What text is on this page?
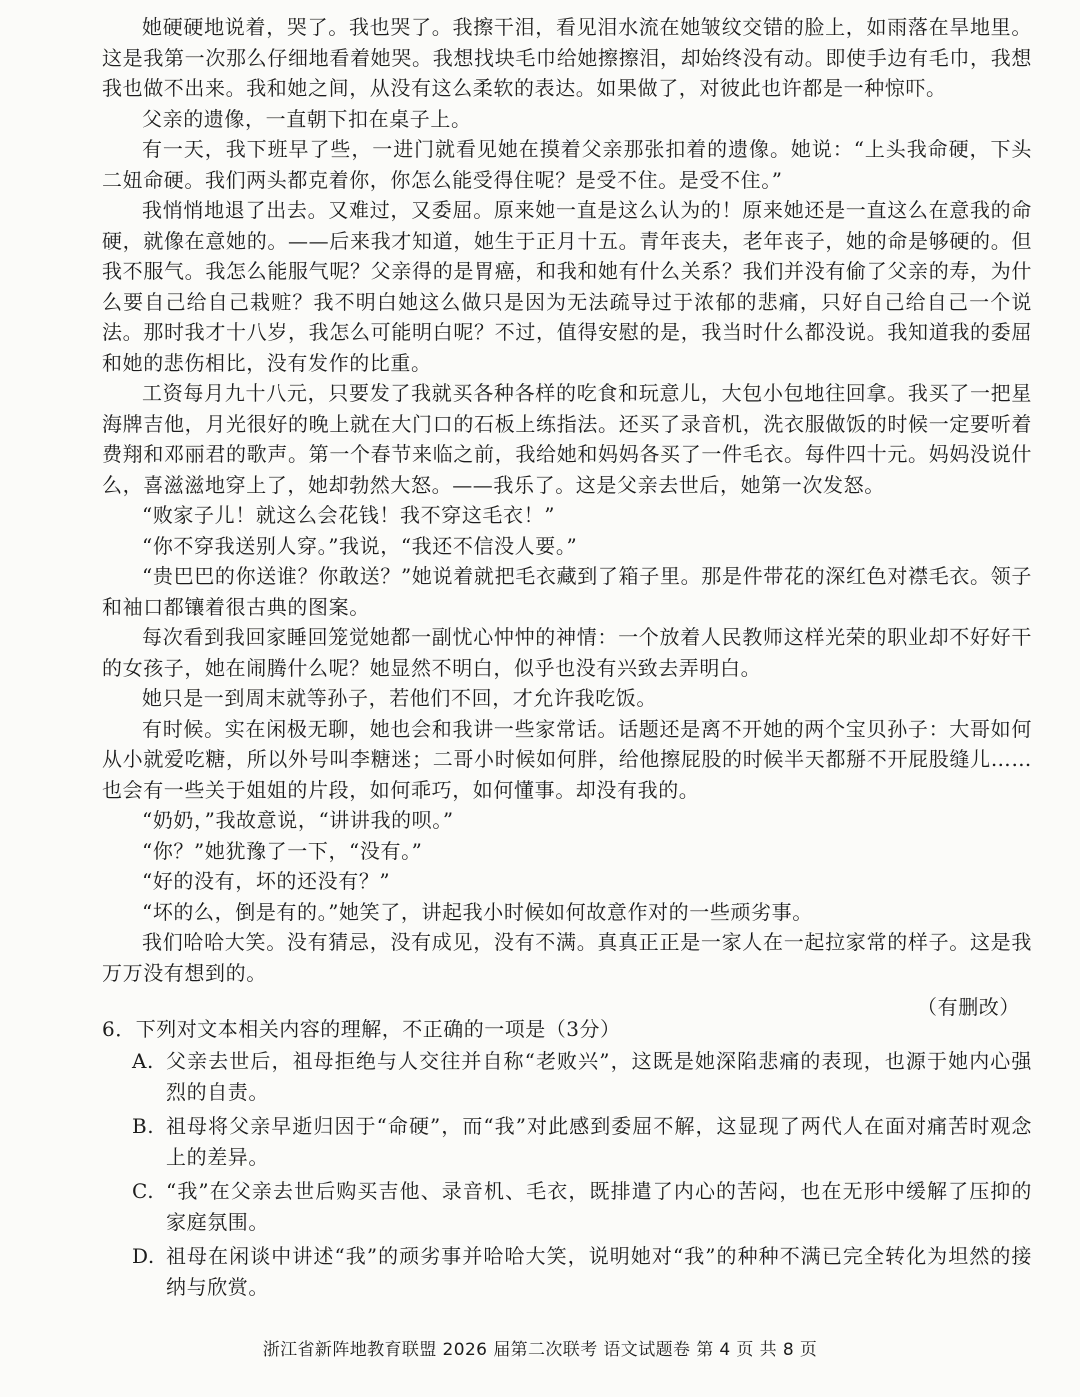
她硬硬地说着，哭了。我也哭了。我擦干泪，看见泪水流在她皱纹交错的脸上，如雨落在旱地里。这是我第一次那么仔细地看着她哭。我想找块毛巾给她擦擦泪，却始终没有动。即使手边有毛巾，我想我也做不出来。我和她之间，从没有这么柔软的表达。如果做了，对彼此也许都是一种惊吓。

父亲的遗像，一直朝下扣在桌子上。

有一天，我下班早了些，一进门就看见她在摸着父亲那张扣着的遗像。她说：“上头我命硬，下头二妞命硬。我们两头都克着你，你怎么能受得住呢？是受不住。是受不住。”

我悄悄地退了出去。又难过，又委屈。原来她一直是这么认为的！原来她还是一直这么在意我的命硬，就像在意她的。——后来我才知道，她生于正月十五。青年丧夫，老年丧子，她的命是够硬的。但我不服气。我怎么能服气呢？父亲得的是胃癌，和我和她有什么关系？我们并没有偷了父亲的寿，为什么要自己给自己栽赃？我不明白她这么做只是因为无法疏导过于浓郁的悲痛，只好自己给自己一个说法。那时我才十八岁，我怎么可能明白呢？不过，值得安慰的是，我当时什么都没说。我知道我的委屈和她的悲伤相比，没有发作的比重。

工资每月九十八元，只要发了我就买各种各样的吃食和玩意儿，大包小包地往回拿。我买了一把星海牌吉他，月光很好的晚上就在大门口的石板上练指法。还买了录音机，洗衣服做饭的时候一定要听着费翔和邓丽君的歌声。第一个春节来临之前，我给她和妈妈各买了一件毛衣。每件四十元。妈妈没说什么，喜滋滋地穿上了，她却勃然大怒。——我乐了。这是父亲去世后，她第一次发怒。

“败家子儿！就这么会花钱！我不穿这毛衣！”

“你不穿我送别人穿。”我说，“我还不信没人要。”

“贵巴巴的你送谁？你敢送？”她说着就把毛衣藏到了箱子里。那是件带花的深红色对襟毛衣。领子和袖口都镶着很古典的图案。

每次看到我回家睡回笼觉她都一副忧心忡忡的神情：一个放着人民教师这样光荣的职业却不好好干的女孩子，她在闹腾什么呢？她显然不明白，似乎也没有兴致去弄明白。

她只是一到周末就等孙子，若他们不回，才允许我吃饭。

有时候。实在闲极无聊，她也会和我讲一些家常话。话题还是离不开她的两个宝贝孙子：大哥如何从小就爱吃糖，所以外号叫李糖迷；二哥小时候如何胖，给他擦屁股的时候半天都掰不开屁股缝儿……也会有一些关于姐姐的片段，如何乖巧，如何懂事。却没有我的。

“奶奶，”我故意说，“讲讲我的呗。”

“你？”她犹豫了一下，“没有。”

“好的没有，坏的还没有？”

“坏的么，倒是有的。”她笑了，讲起我小时候如何故意作对的一些顽劣事。

我们哈哈大笑。没有猜忌，没有成见，没有不满。真真正正是一家人在一起拉家常的样子。这是我万万没有想到的。

（有删改）
6．下列对文本相关内容的理解，不正确的一项是（3分）
A. 父亲去世后，祖母拒绝与人交往并自称“老败兴”，这既是她深陷悲痛的表现，也源于她内心强烈的自责。
B. 祖母将父亲早逝归因于“命硬”，而“我”对此感到委屈不解，这显现了两代人在面对痛苦时观念上的差异。
C. “我”在父亲去世后购买吉他、录音机、毛衣，既排遣了内心的苦闷，也在无形中缓解了压抑的家庭氛围。
D. 祖母在闲谈中讲述“我”的顽劣事并哈哈大笑，说明她对“我”的种种不满已完全转化为坦然的接纳与欣赏。
浙江省新阵地教育联盟 2026 届第二次联考 语文试题卷 第 4 页 共 8 页
